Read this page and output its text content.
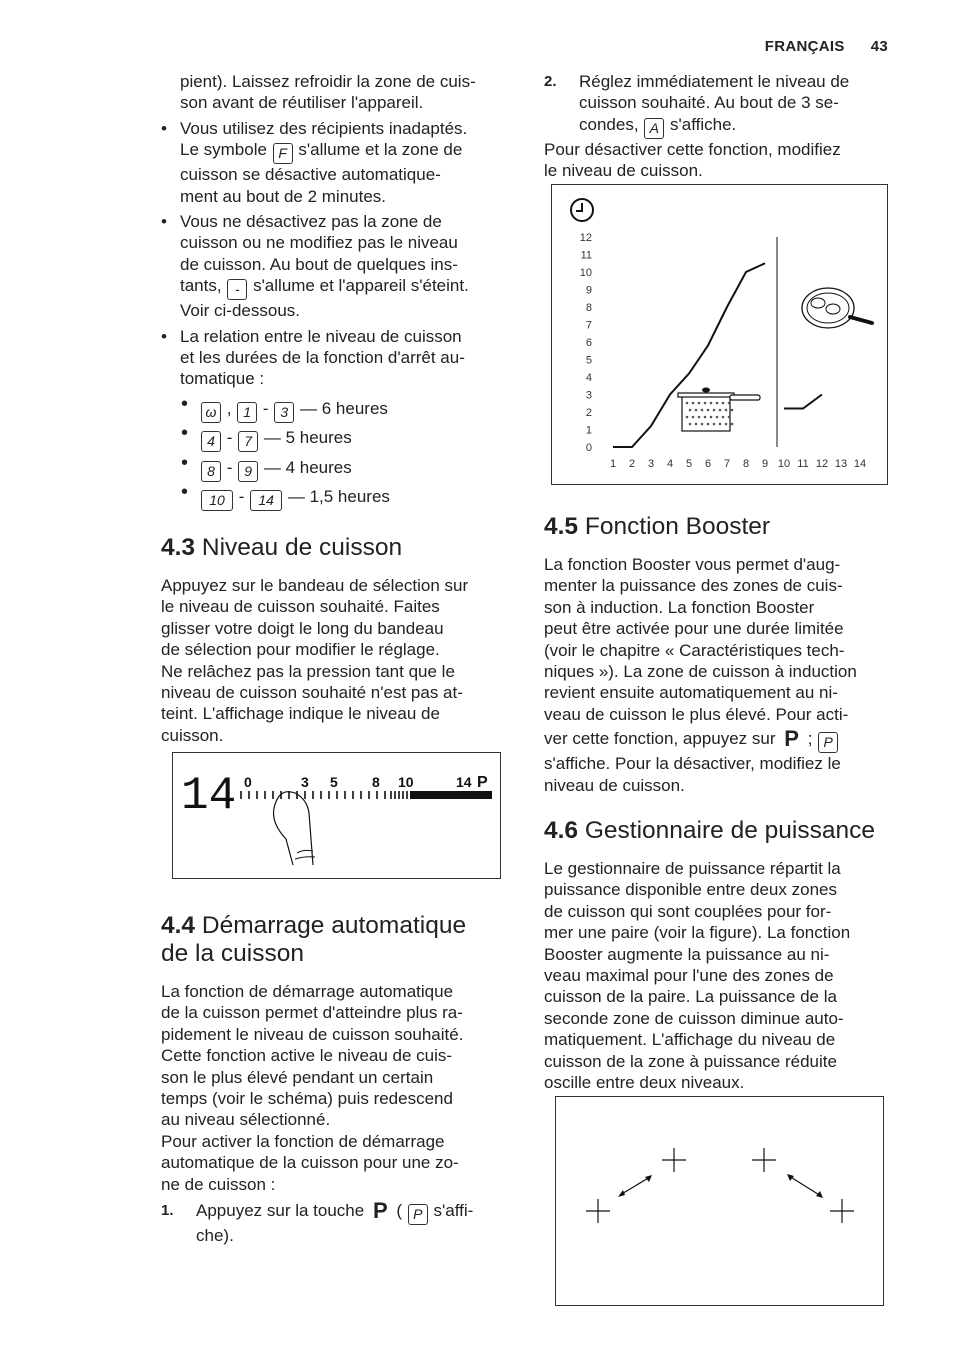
FRANÇAIS 43

pient). Laissez refroidir la zone de cuis-
son avant de réutiliser l'appareil.

• Vous utilisez des récipients inadaptés.
Le symbole F s'allume et la zone de
cuisson se désactive automatique-
ment au bout de 2 minutes.
• Vous ne désactivez pas la zone de
cuisson ou ne modifiez pas le niveau
de cuisson. Au bout de quelques ins-
tants, - s'allume et l'appareil s'éteint.
Voir ci-dessous.
• La relation entre le niveau de cuisson
et les durées de la fonction d'arrêt au-
tomatique :
• ω , 1 - 3 — 6 heures
• 4 - 7 — 5 heures
• 8 - 9 — 4 heures
• 10 - 14 — 1,5 heures
4.3 Niveau de cuisson
Appuyez sur le bandeau de sélection sur
le niveau de cuisson souhaité. Faites
glisser votre doigt le long du bandeau
de sélection pour modifier le réglage.
Ne relâchez pas la pression tant que le
niveau de cuisson souhaité n'est pas at-
teint. L'affichage indique le niveau de
cuisson.
14 0	3 5 8 10	14 P
4.4 Démarrage automatique
de la cuisson
La fonction de démarrage automatique
de la cuisson permet d'atteindre plus ra-
pidement le niveau de cuisson souhaité.
Cette fonction active le niveau de cuis-
son le plus élevé pendant un certain
temps (voir le schéma) puis redescend
au niveau sélectionné.
Pour activer la fonction de démarrage
automatique de la cuisson pour une zo-
ne de cuisson :
1. Appuyez sur la touche P ( P s'affi-
che).
2. Réglez immédiatement le niveau de
cuisson souhaité. Au bout de 3 se-
condes, A s'affiche.
Pour désactiver cette fonction, modifiez
le niveau de cuisson.
0
1
2
3
4
5
6
7
8
9
10
11
12
1 2 3 4 5 6 7 8 9 10 11 12 13 14
4.5 Fonction Booster
La fonction Booster vous permet d'aug-
menter la puissance des zones de cuis-
son à induction. La fonction Booster
peut être activée pour une durée limitée
(voir le chapitre « Caractéristiques tech-
niques »). La zone de cuisson à induction
revient ensuite automatiquement au ni-
veau de cuisson le plus élevé. Pour acti-
ver cette fonction, appuyez sur P ; P
s'affiche. Pour la désactiver, modifiez le
niveau de cuisson.
4.6 Gestionnaire de puissance
Le gestionnaire de puissance répartit la
puissance disponible entre deux zones
de cuisson qui sont couplées pour for-
mer une paire (voir la figure). La fonction
Booster augmente la puissance au ni-
veau maximal pour l'une des zones de
cuisson de la paire. La puissance de la
seconde zone de cuisson diminue auto-
matiquement. L'affichage du niveau de
cuisson de la zone à puissance réduite
oscille entre deux niveaux.
